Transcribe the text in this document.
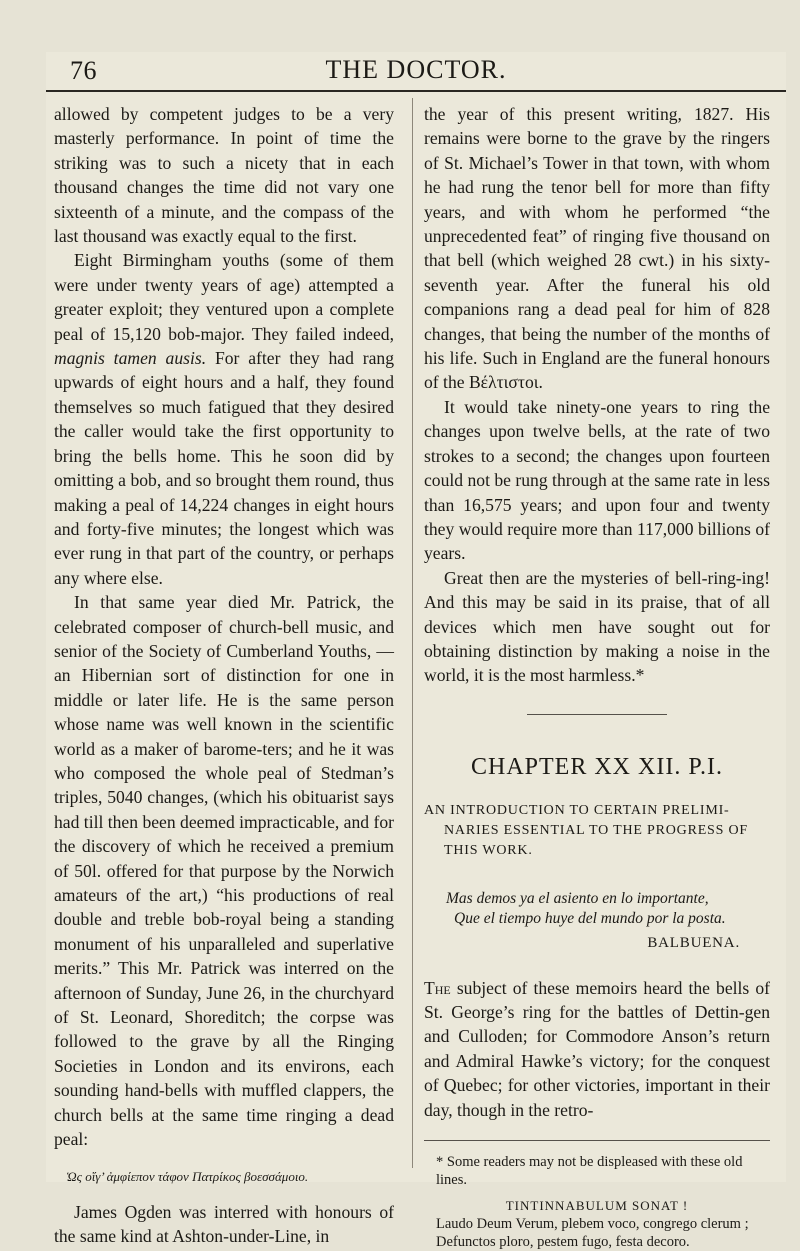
76	THE DOCTOR.

allowed by competent judges to be a very masterly performance. In point of time the striking was to such a nicety that in each thousand changes the time did not vary one sixteenth of a minute, and the compass of the last thousand was exactly equal to the first.

Eight Birmingham youths (some of them were under twenty years of age) attempted a greater exploit; they ventured upon a complete peal of 15,120 bob-major. They failed indeed, magnis tamen ausis. For after they had rang upwards of eight hours and a half, they found themselves so much fatigued that they desired the caller would take the first opportunity to bring the bells home. This he soon did by omitting a bob, and so brought them round, thus making a peal of 14,224 changes in eight hours and forty-five minutes; the longest which was ever rung in that part of the country, or perhaps any where else.

In that same year died Mr. Patrick, the celebrated composer of church-bell music, and senior of the Society of Cumberland Youths, — an Hibernian sort of distinction for one in middle or later life. He is the same person whose name was well known in the scientific world as a maker of barome-ters; and he it was who composed the whole peal of Stedman’s triples, 5040 changes, (which his obituarist says had till then been deemed impracticable, and for the discovery of which he received a premium of 50l. offered for that purpose by the Norwich amateurs of the art,) “his productions of real double and treble bob-royal being a standing monument of his unparalleled and superlative merits.” This Mr. Patrick was interred on the afternoon of Sunday, June 26, in the churchyard of St. Leonard, Shoreditch; the corpse was followed to the grave by all the Ringing Societies in London and its environs, each sounding hand-bells with muffled clappers, the church bells at the same time ringing a dead peal:

Ὡς οἵγ’ ἀμφίεπον τάφον Πατρίκος βοεσσάμοιο.

James Ogden was interred with honours of the same kind at Ashton-under-Line, in

the year of this present writing, 1827. His remains were borne to the grave by the ringers of St. Michael’s Tower in that town, with whom he had rung the tenor bell for more than fifty years, and with whom he performed “the unprecedented feat” of ringing five thousand on that bell (which weighed 28 cwt.) in his sixty-seventh year. After the funeral his old companions rang a dead peal for him of 828 changes, that being the number of the months of his life. Such in England are the funeral honours of the Βέλτιστοι.

It would take ninety-one years to ring the changes upon twelve bells, at the rate of two strokes to a second; the changes upon fourteen could not be rung through at the same rate in less than 16,575 years; and upon four and twenty they would require more than 117,000 billions of years.

Great then are the mysteries of bell-ring-ing! And this may be said in its praise, that of all devices which men have sought out for obtaining distinction by making a noise in the world, it is the most harmless.*

CHAPTER XX XII. P.I.
AN INTRODUCTION TO CERTAIN PRELIMI-NARIES ESSENTIAL TO THE PROGRESS OF THIS WORK.
Mas demos ya el asiento en lo importante,
Que el tiempo huye del mundo por la posta.
BALBUENA.

The subject of these memoirs heard the bells of St. George’s ring for the battles of Dettin-gen and Culloden; for Commodore Anson’s return and Admiral Hawke’s victory; for the conquest of Quebec; for other victories, important in their day, though in the retro-

* Some readers may not be displeased with these old lines.
TINTINNABULUM SONAT !
Laudo Deum Verum, plebem voco, congrego clerum ;
Defunctos ploro, pestem fugo, festa decoro.
